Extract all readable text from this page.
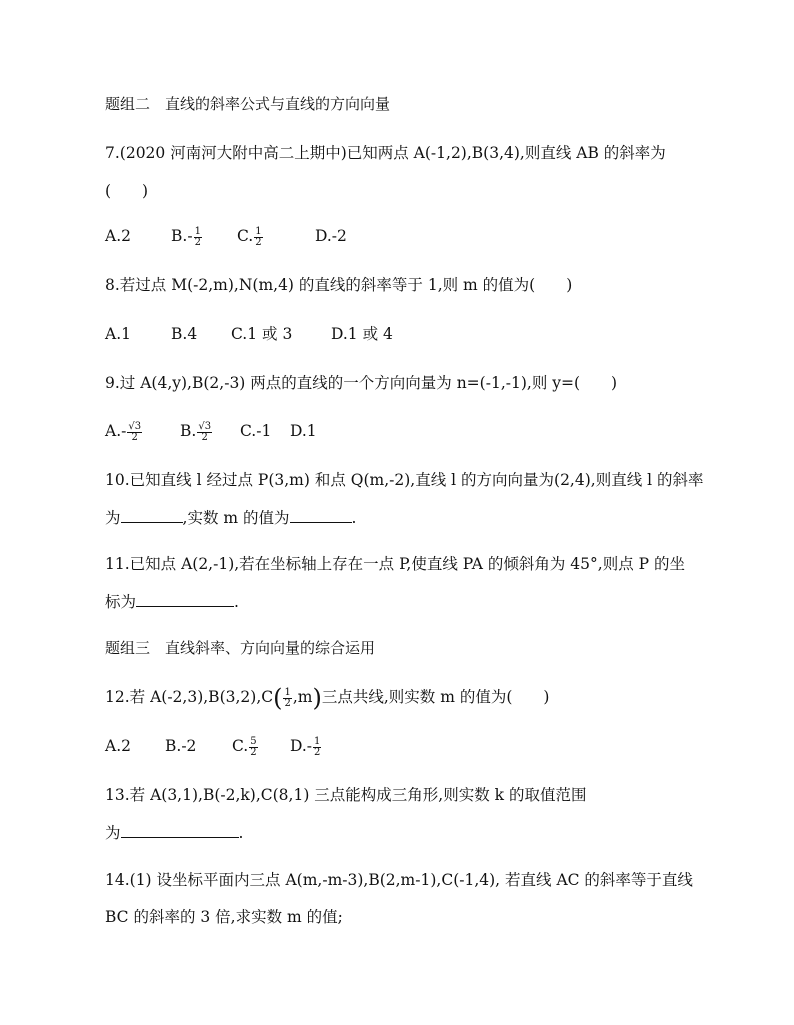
题组二　直线的斜率公式与直线的方向向量
7.(2020 河南河大附中高二上期中)已知两点 A(-1,2),B(3,4),则直线 AB 的斜率为
(　　)
A.2	$B.- \frac{1}{2} C$. $\frac{1}{2}$	D.-2
8.若过点 M(-2,m),N(m,4) 的直线的斜率等于 1,则 m 的值为(　　)
A.1	B.4 C.1 或 3 D.1 或 4
9.过 A(4,y),B(2,-3) 两点的直线的一个方向向量为 n=(-1,-1),则 y=(　　)
$A.- \frac{√3}{2} B$. $\frac{√3}{2} C.-1$ D.1
10.已知直线 l 经过点 P(3,m) 和点 Q(m,-2),直线 l 的方向向量为(2,4),则直线 l 的斜率
为	,实数 m 的值为	.
11.已知点 A(2,-1),若在坐标轴上存在一点 P,使直线 PA 的倾斜角为 45°,则点 P 的坐
标为	.
题组三　直线斜率、方向向量的综合运用
12.若 $A(-2,3),B(3,2),C( \frac{1}{2} ,m)$三点共线,则实数 m 的值为(　　)
A.2 B.-2 C. $\frac{5}{2} D.- \frac{1}{2}$
13.若 A(3,1),B(-2,k),C(8,1) 三点能构成三角形,则实数 k 的取值范围
为	.
14.(1) 设坐标平面内三点 A(m,-m-3),B(2,m-1),C(-1,4), 若直线 AC 的斜率等于直线
BC 的斜率的 3 倍,求实数 m 的值;
